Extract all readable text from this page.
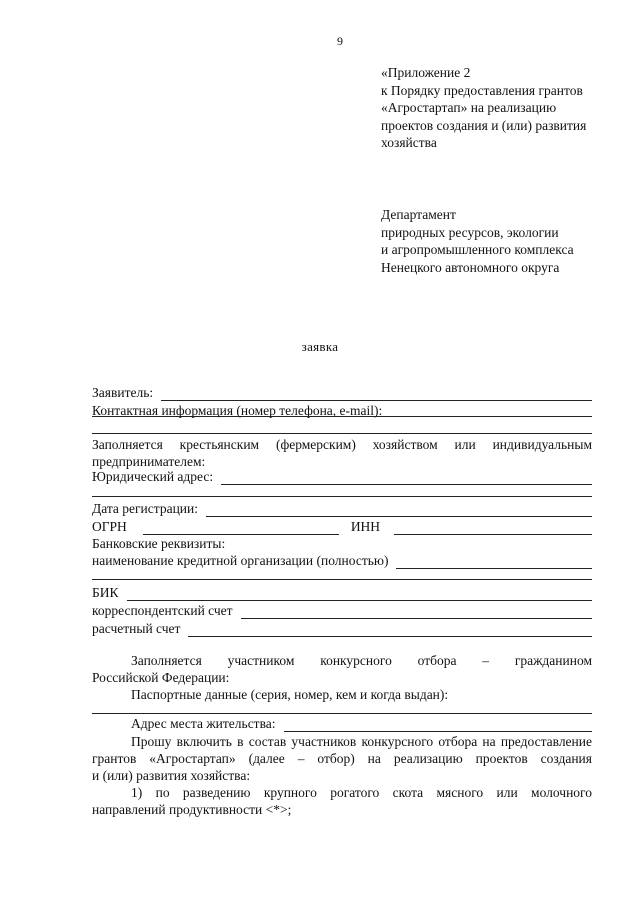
9
«Приложение 2
к Порядку предоставления грантов
«Агростартап» на реализацию
проектов создания и (или) развития
хозяйства
Департамент
природных ресурсов, экологии
и агропромышленного комплекса
Ненецкого автономного округа
заявка
Заявитель:
Контактная информация (номер телефона, e-mail):
Заполняется крестьянским (фермерским) хозяйством или индивидуальным
предпринимателем:
Юридический адрес:
Дата регистрации:
ОГРН	ИНН
Банковские реквизиты:
наименование кредитной организации (полностью)
БИК
корреспондентский счет
расчетный счет
Заполняется участником конкурсного отбора – гражданином
Российской Федерации:
Паспортные данные (серия, номер, кем и когда выдан):
Адрес места жительства:
Прошу включить в состав участников конкурсного отбора на предоставление
грантов «Агростартап» (далее – отбор) на реализацию проектов создания
и (или) развития хозяйства:
1) по разведению крупного рогатого скота мясного или молочного
направлений продуктивности <*>;
